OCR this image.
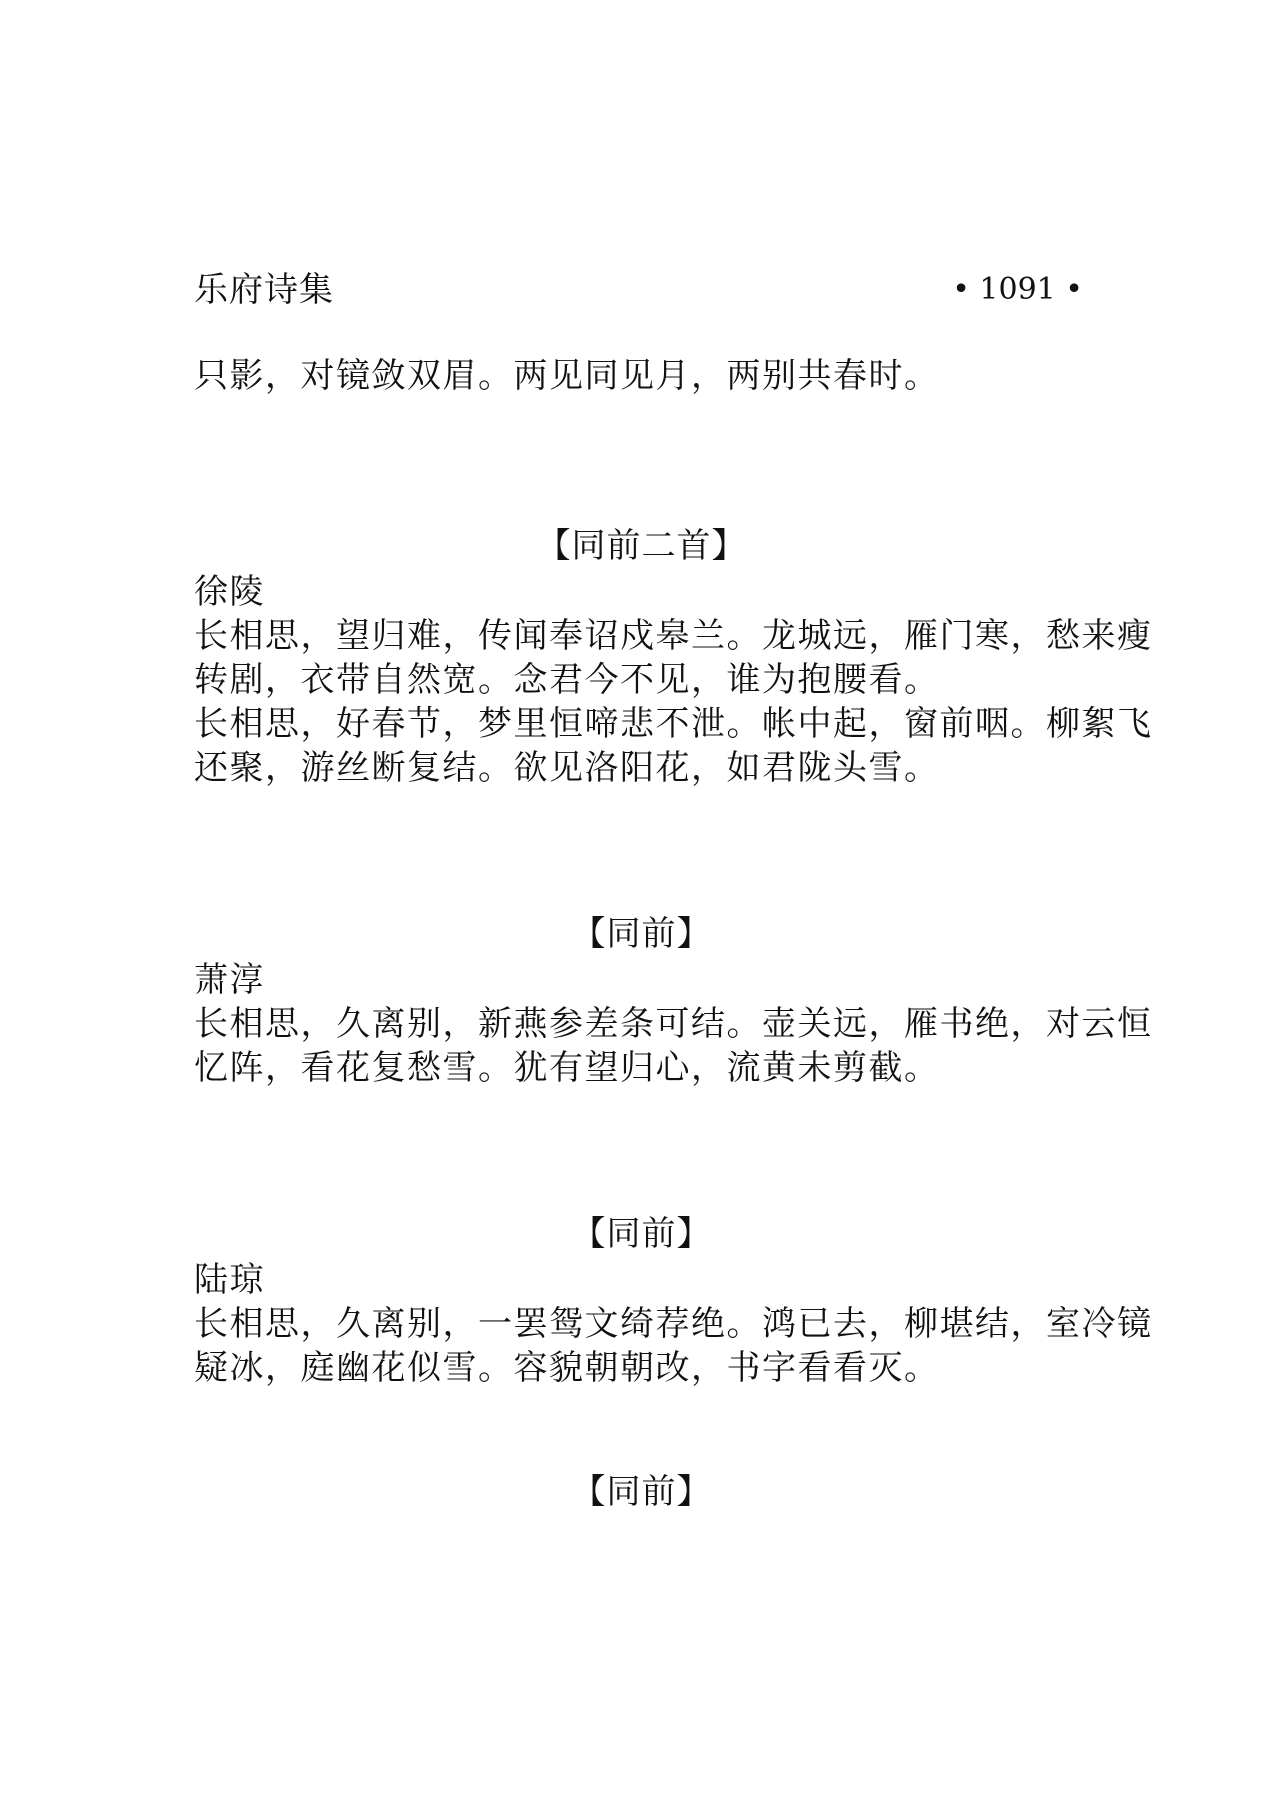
乐府诗集	• 1091 •
只影，对镜敛双眉。两见同见月，两别共春时。
【同前二首】
徐陵
长相思，望归难，传闻奉诏戍皋兰。龙城远，雁门寒，愁来瘦
转剧，衣带自然宽。念君今不见，谁为抱腰看。
长相思，好春节，梦里恒啼悲不泄。帐中起，窗前咽。柳絮飞
还聚，游丝断复结。欲见洛阳花，如君陇头雪。
【同前】
萧淳
长相思，久离别，新燕参差条可结。壶关远，雁书绝，对云恒
忆阵，看花复愁雪。犹有望归心，流黄未剪截。
【同前】
陆琼
长相思，久离别，一罢鸳文绮荐绝。鸿已去，柳堪结，室冷镜
疑冰，庭幽花似雪。容貌朝朝改，书字看看灭。
【同前】
